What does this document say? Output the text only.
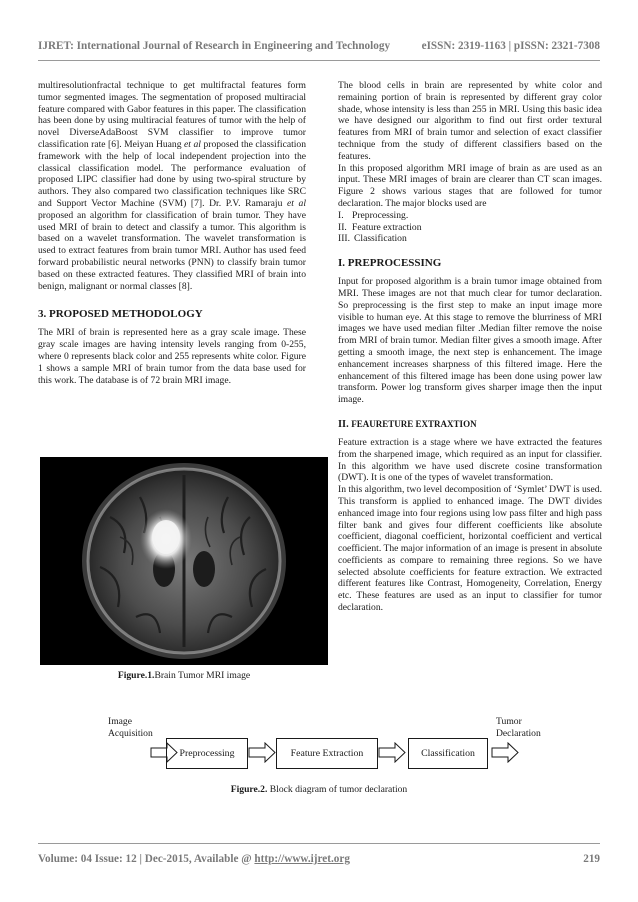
IJRET: International Journal of Research in Engineering and Technology	eISSN: 2319-1163 | pISSN: 2321-7308

multiresolutionfractal technique to get multifractal features form tumor segmented images. The segmentation of proposed multiracial feature compared with Gabor features in this paper. The classification has been done by using multiracial features of tumor with the help of novel DiverseAdaBoost SVM classifier to improve tumor classification rate [6]. Meiyan Huang et al proposed the classification framework with the help of local independent projection into the classical classification model. The performance evaluation of proposed LIPC classifier had done by using two-spiral structure by authors. They also compared two classification techniques like SRC and Support Vector Machine (SVM) [7]. Dr. P.V. Ramaraju et al proposed an algorithm for classification of brain tumor. They have used MRI of brain to detect and classify a tumor. This algorithm is based on a wavelet transformation. The wavelet transformation is used to extract features from brain tumor MRI. Author has used feed forward probabilistic neural networks (PNN) to classify brain tumor based on these extracted features. They classified MRI of brain into benign, malignant or normal classes [8].

3. PROPOSED METHODOLOGY

The MRI of brain is represented here as a gray scale image. These gray scale images are having intensity levels ranging from 0-255, where 0 represents black color and 255 represents white color. Figure 1 shows a sample MRI of brain tumor from the data base used for this work. The database is of 72 brain MRI image.

Figure.1.Brain Tumor MRI image

The blood cells in brain are represented by white color and remaining portion of brain is represented by different gray color shade, whose intensity is less than 255 in MRI. Using this basic idea we have designed our algorithm to find out first order textural features from MRI of brain tumor and selection of exact classifier technique from the study of different classifiers based on the features.

In this proposed algorithm MRI image of brain as are used as an input. These MRI images of brain are clearer than CT scan images. Figure 2 shows various stages that are followed for tumor declaration. The major blocks used are

I. Preprocessing.
II. Feature extraction
III. Classification

I. PREPROCESSING

Input for proposed algorithm is a brain tumor image obtained from MRI. These images are not that much clear for tumor declaration. So preprocessing is the first step to make an input image more visible to human eye. At this stage to remove the blurriness of MRI images we have used median filter .Median filter remove the noise from MRI of brain tumor. Median filter gives a smooth image. After getting a smooth image, the next step is enhancement. The image enhancement increases sharpness of this filtered image. Here the enhancement of this filtered image has been done using power law transform. Power log transform gives sharper image then the input image.

II. FEAURETURE EXTRAXTION

Feature extraction is a stage where we have extracted the features from the sharpened image, which required as an input for classifier. In this algorithm we have used discrete cosine transformation (DWT). It is one of the types of wavelet transformation.

In this algorithm, two level decomposition of ‘Symlet’ DWT is used. This transform is applied to enhanced image. The DWT divides enhanced image into four regions using low pass filter and high pass filter bank and gives four different coefficients like absolute coefficient, diagonal coefficient, horizontal coefficient and vertical coefficient. The major information of an image is present in absolute coefficients as compare to remaining three regions. So we have selected absolute coefficients for feature extraction. We extracted different features like Contrast, Homogeneity, Correlation, Energy etc. These features are used as an input to classifier for tumor declaration.

Image
Acquisition
Preprocessing	Feature Extraction	Classification
Tumor
Declaration
Figure.2. Block diagram of tumor declaration
Volume: 04 Issue: 12 | Dec-2015, Available @ http://www.ijret.org	219
